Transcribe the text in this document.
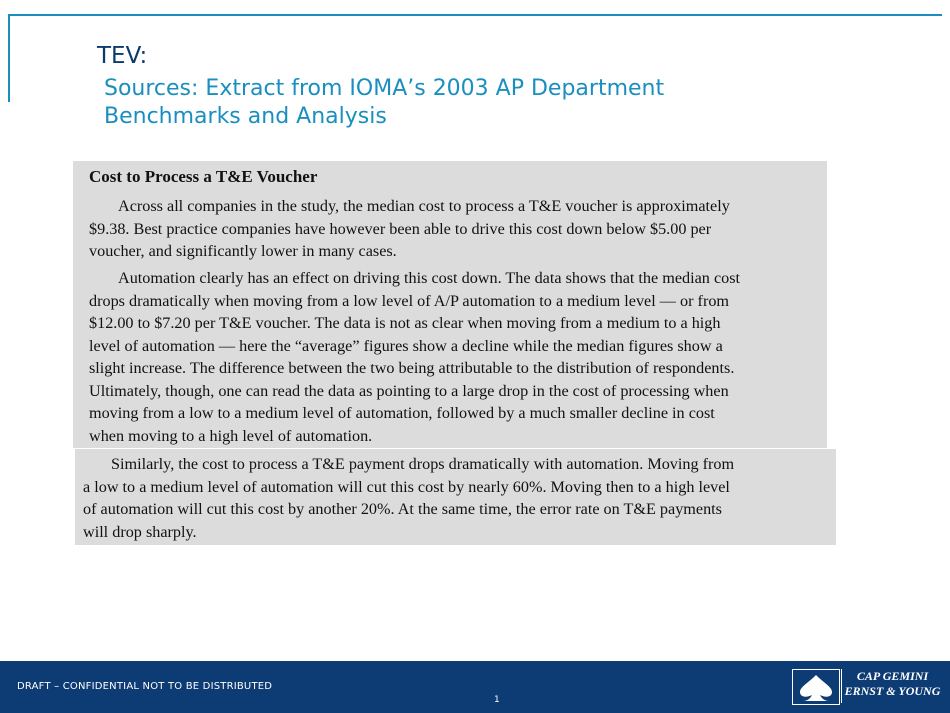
TEV:
Sources: Extract from IOMA’s 2003 AP Department
Benchmarks and Analysis
Cost to Process a T&E Voucher
Across all companies in the study, the median cost to process a T&E voucher is approximately
$9.38. Best practice companies have however been able to drive this cost down below $5.00 per
voucher, and significantly lower in many cases.
Automation clearly has an effect on driving this cost down. The data shows that the median cost
drops dramatically when moving from a low level of A/P automation to a medium level — or from
$12.00 to $7.20 per T&E voucher. The data is not as clear when moving from a medium to a high
level of automation — here the “average” figures show a decline while the median figures show a
slight increase. The difference between the two being attributable to the distribution of respondents.
Ultimately, though, one can read the data as pointing to a large drop in the cost of processing when
moving from a low to a medium level of automation, followed by a much smaller decline in cost
when moving to a high level of automation.
Similarly, the cost to process a T&E payment drops dramatically with automation. Moving from
a low to a medium level of automation will cut this cost by nearly 60%. Moving then to a high level
of automation will cut this cost by another 20%. At the same time, the error rate on T&E payments
will drop sharply.
DRAFT – CONFIDENTIAL NOT TO BE DISTRIBUTED
1
CAP GEMINI
ERNST & YOUNG
